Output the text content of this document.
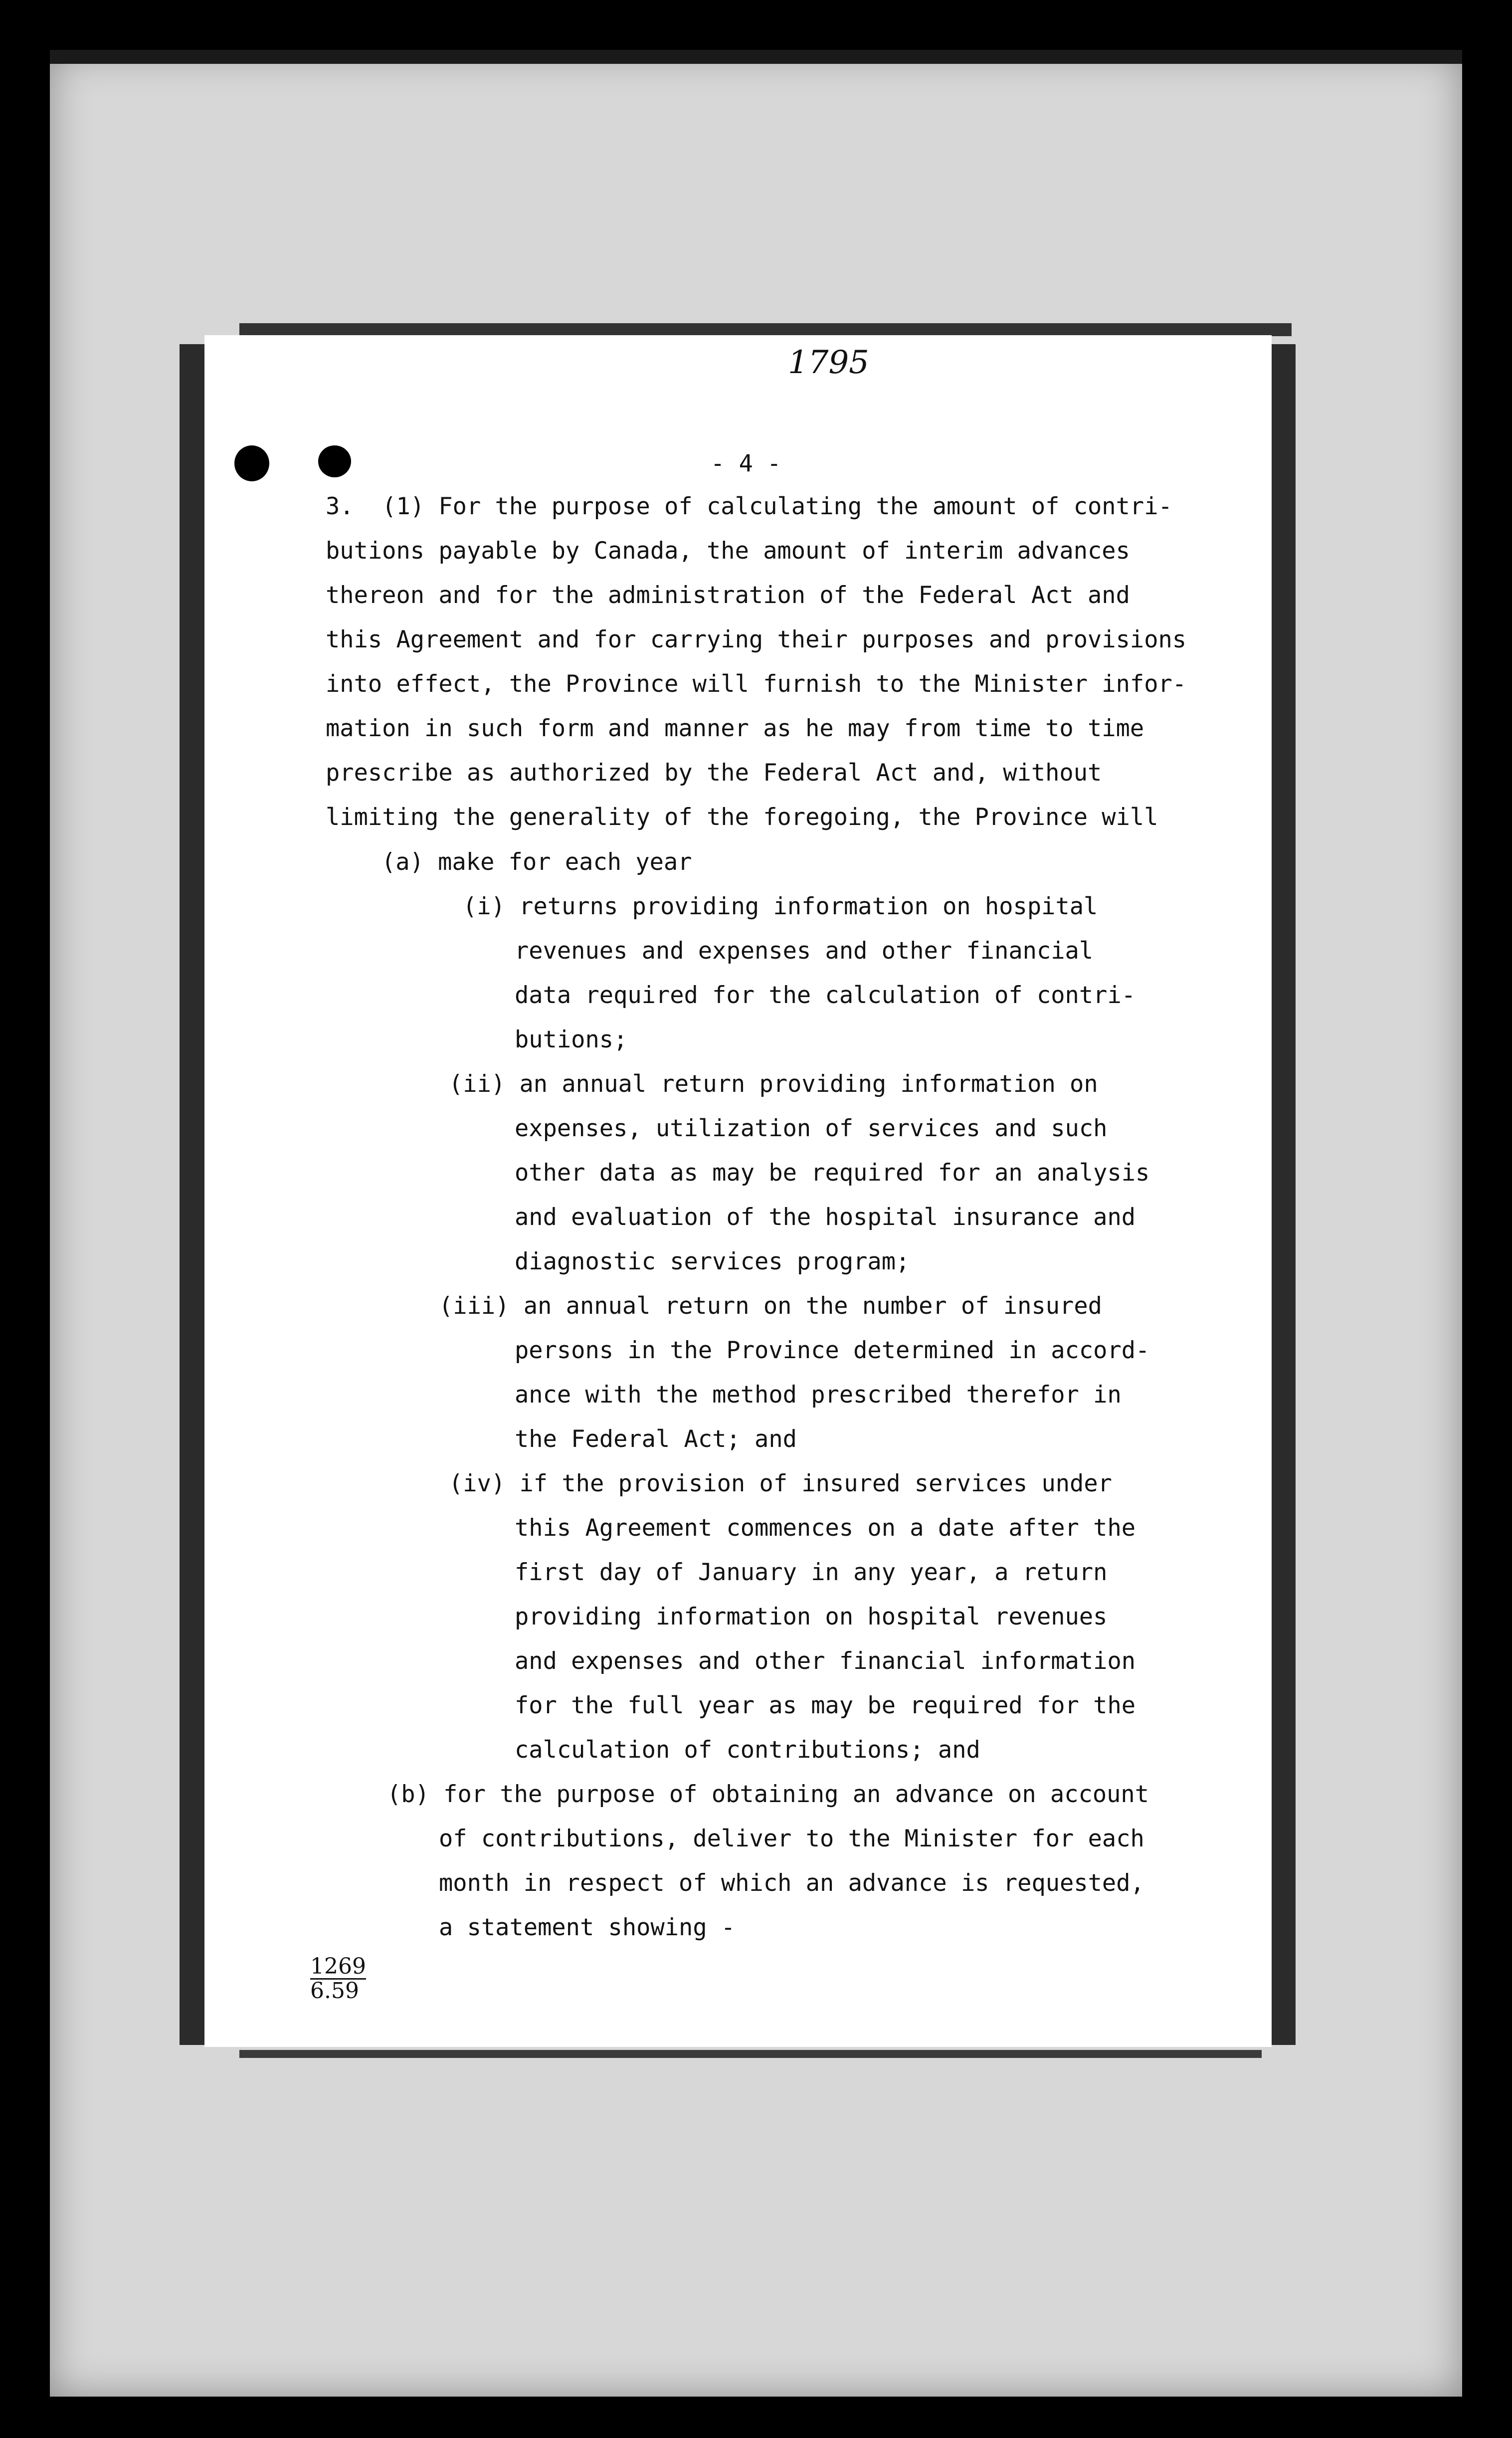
1795
- 4 -
3.  (1) For the purpose of calculating the amount of contri-
butions payable by Canada, the amount of interim advances
thereon and for the administration of the Federal Act and
this Agreement and for carrying their purposes and provisions
into effect, the Province will furnish to the Minister infor-
mation in such form and manner as he may from time to time
prescribe as authorized by the Federal Act and, without
limiting the generality of the foregoing, the Province will
(a) make for each year
(i) returns providing information on hospital
revenues and expenses and other financial
data required for the calculation of contri-
butions;
(ii) an annual return providing information on
expenses, utilization of services and such
other data as may be required for an analysis
and evaluation of the hospital insurance and
diagnostic services program;
(iii) an annual return on the number of insured
persons in the Province determined in accord-
ance with the method prescribed therefor in
the Federal Act; and
(iv) if the provision of insured services under
this Agreement commences on a date after the
first day of January in any year, a return
providing information on hospital revenues
and expenses and other financial information
for the full year as may be required for the
calculation of contributions; and
(b) for the purpose of obtaining an advance on account
of contributions, deliver to the Minister for each
month in respect of which an advance is requested,
a statement showing -
1269
6.59
